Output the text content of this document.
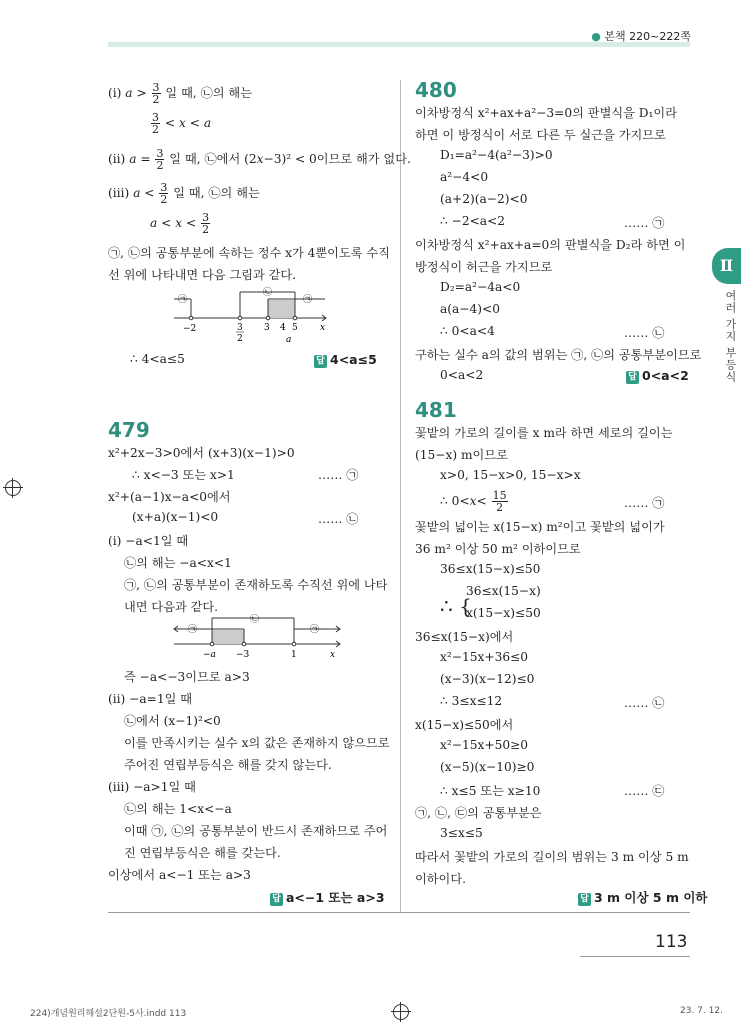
● 본책 220~222쪽
Ⅱ
여러 가지 부등식
(ⅰ) $a > \frac{3}{2}$ 일 때, ㉡의 해는
$\frac{3}{2} < x < a$
(ⅱ) $a = \frac{3}{2}$ 일 때, ㉡에서 (2x−3)² < 0이므로 해가 없다.
(ⅲ) $a < \frac{3}{2}$ 일 때, ㉡의 해는
$a < x < \frac{3}{2}$
㉠, ㉡의 공통부분에 속하는 정수 x가 4뿐이도록 수직
선 위에 나타내면 다음 그림과 같다.
㉠
㉡
㉠
−2	3
2
3 4 5
a
x
∴ 4<a≤5	답 4<a≤5
479
x²+2x−3>0에서 (x+3)(x−1)>0
∴ x<−3 또는 x>1	…… ㉠
x²+(a−1)x−a<0에서
(x+a)(x−1)<0	…… ㉡
(ⅰ) −a<1일 때
㉡의 해는 −a<x<1
㉠, ㉡의 공통부분이 존재하도록 수직선 위에 나타
내면 다음과 같다.
㉠
㉡
㉠
−a −3	1	x
즉 −a<−3이므로 a>3
(ⅱ) −a=1일 때
㉡에서 (x−1)²<0
이를 만족시키는 실수 x의 값은 존재하지 않으므로
주어진 연립부등식은 해를 갖지 않는다.
(ⅲ) −a>1일 때
㉡의 해는 1<x<−a
이때 ㉠, ㉡의 공통부분이 반드시 존재하므로 주어
진 연립부등식은 해를 갖는다.
이상에서 a<−1 또는 a>3
답 a<−1 또는 a>3
480
이차방정식 x²+ax+a²−3=0의 판별식을 D₁이라
하면 이 방정식이 서로 다른 두 실근을 가지므로
D₁=a²−4(a²−3)>0
a²−4<0
(a+2)(a−2)<0
∴ −2<a<2	…… ㉠
이차방정식 x²+ax+a=0의 판별식을 D₂라 하면 이
방정식이 허근을 가지므로
D₂=a²−4a<0
a(a−4)<0
∴ 0<a<4	…… ㉡
구하는 실수 a의 값의 범위는 ㉠, ㉡의 공통부분이므로
0<a<2	답 0<a<2
481
꽃밭의 가로의 길이를 x m라 하면 세로의 길이는
(15−x) m이므로
x>0, 15−x>0, 15−x>x
∴ $0<x< \frac{15}{2}$	…… ㉠
꽃밭의 넓이는 x(15−x) m²이고 꽃밭의 넓이가
36 m² 이상 50 m² 이하이므로
36≤x(15−x)≤50
∴ {
36≤x(15−x)
x(15−x)≤50
36≤x(15−x)에서
x²−15x+36≤0
(x−3)(x−12)≤0
∴ 3≤x≤12	…… ㉡
x(15−x)≤50에서
x²−15x+50≥0
(x−5)(x−10)≥0
∴ x≤5 또는 x≥10	…… ㉢
㉠, ㉡, ㉢의 공통부분은
3≤x≤5
따라서 꽃밭의 가로의 길이의 범위는 3 m 이상 5 m
이하이다.
답 3 m 이상 5 m 이하
113
224)개념원리해설2단원-5사.indd 113	23. 7. 12.
